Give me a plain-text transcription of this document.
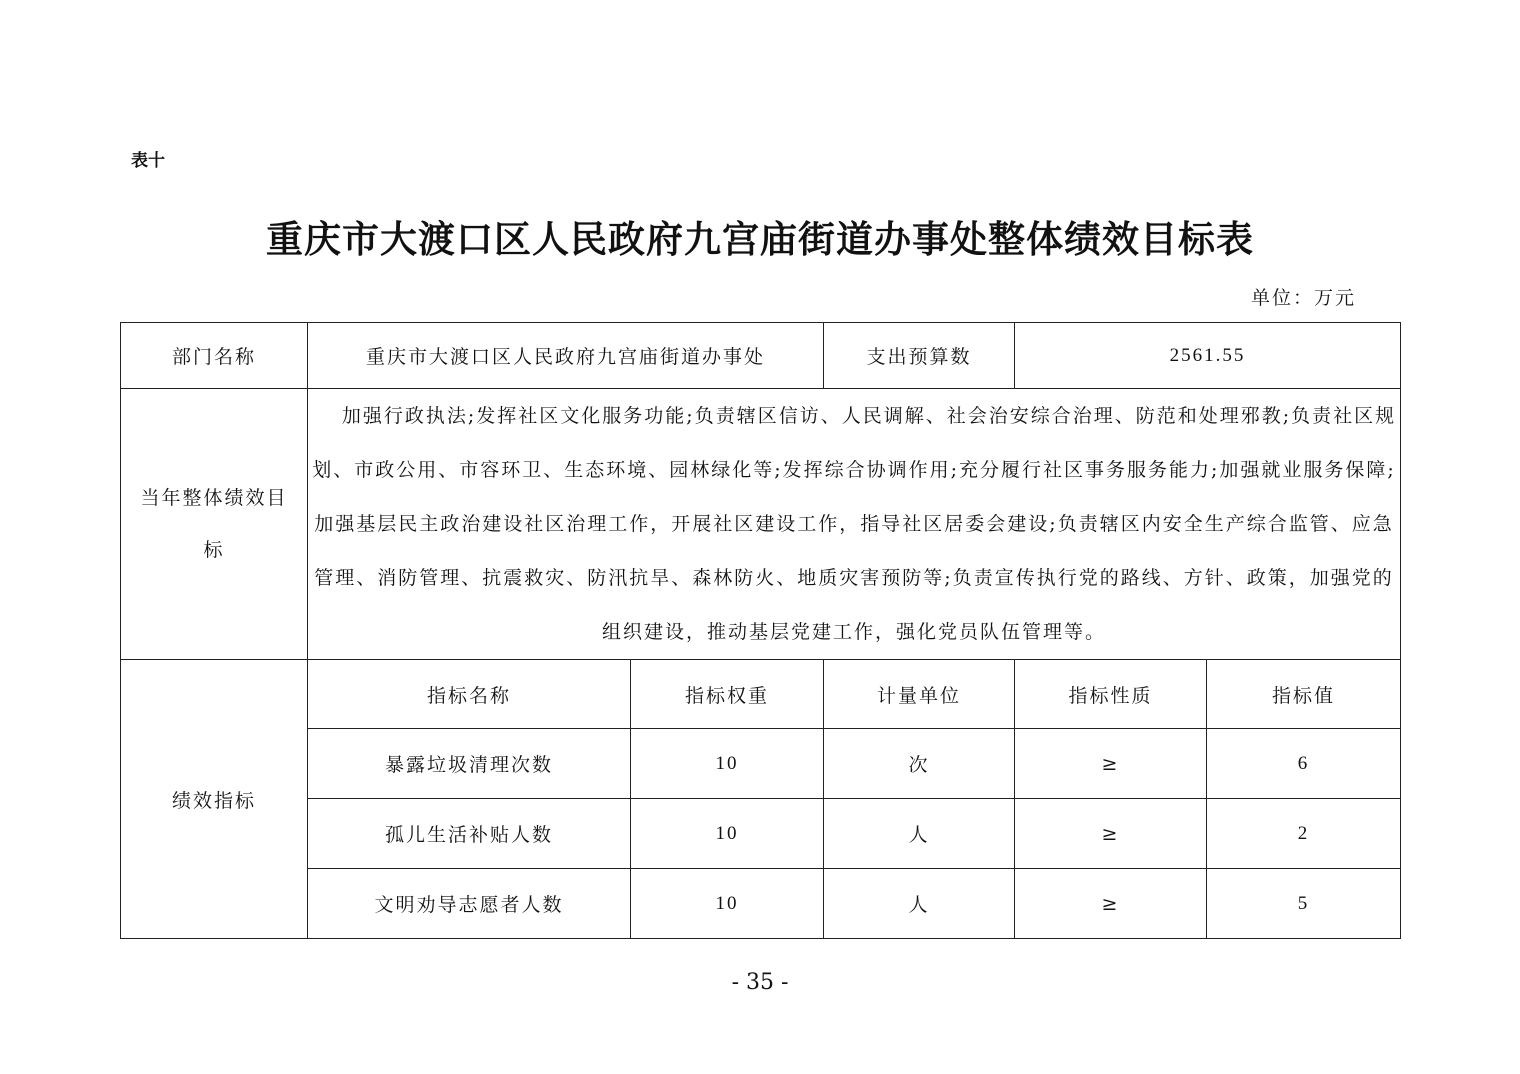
表十
重庆市大渡口区人民政府九宫庙街道办事处整体绩效目标表
单位：万元
部门名称	重庆市大渡口区人民政府九宫庙街道办事处		支出预算数	2561.55	
当年整体绩效目标	加强行政执法;发挥社区文化服务功能;负责辖区信访、人民调解、社会治安综合治理、防范和处理邪教;负责社区规划、市政公用、市容环卫、生态环境、园林绿化等;发挥综合协调作用;充分履行社区事务服务能力;加强就业服务保障;加强基层民主政治建设社区治理工作，开展社区建设工作，指导社区居委会建设;负责辖区内安全生产综合监管、应急管理、消防管理、抗震救灾、防汛抗旱、森林防火、地质灾害预防等;负责宣传执行党的路线、方针、政策，加强党的组织建设，推动基层党建工作，强化党员队伍管理等。				
绩效指标	指标名称	指标权重	计量单位	指标性质	指标值
	暴露垃圾清理次数	10	次	≥	6
	孤儿生活补贴人数	10	人	≥	2
	文明劝导志愿者人数	10	人	≥	5
- 35 -
